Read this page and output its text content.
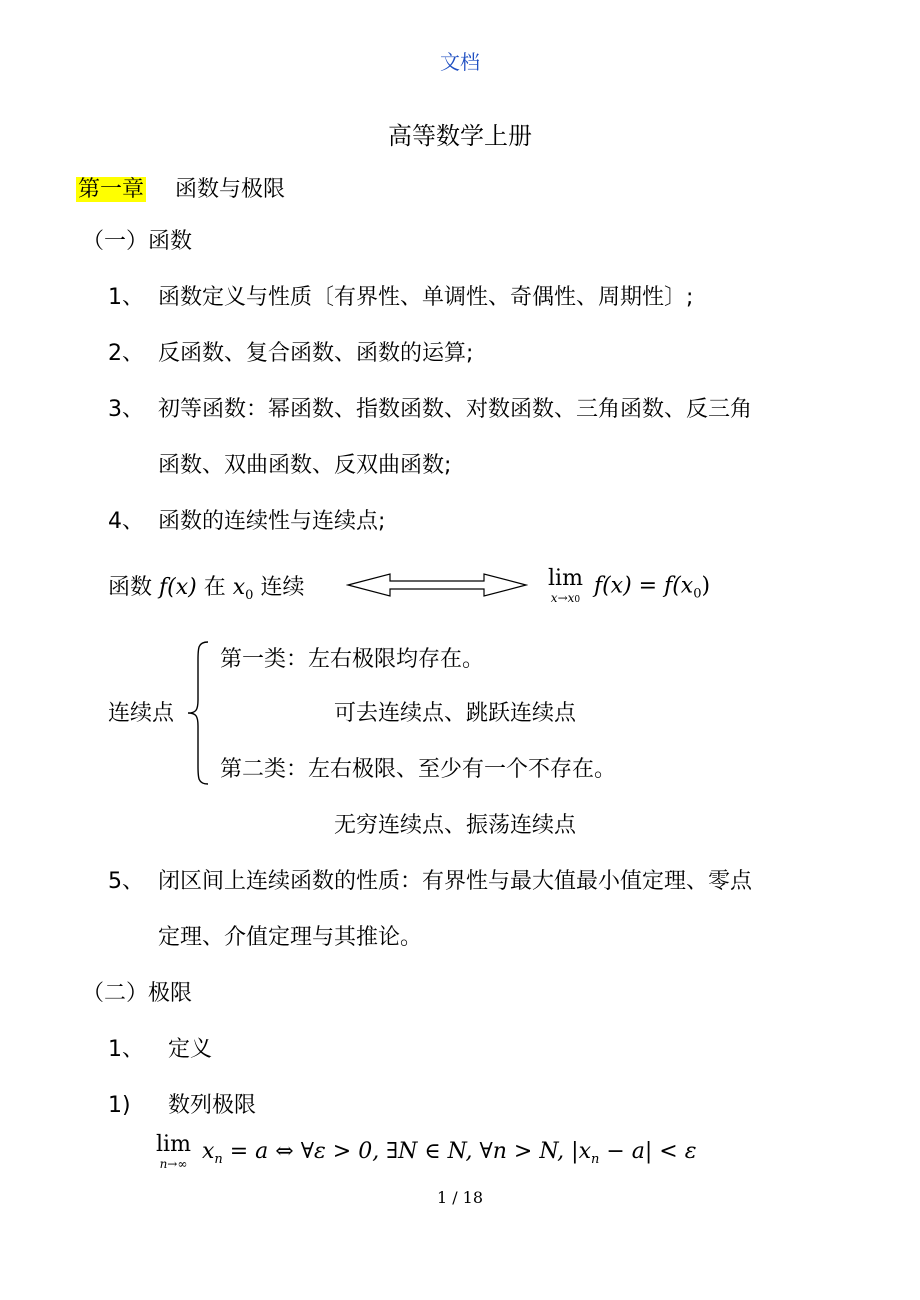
文档
高等数学上册
第一章 函数与极限
（一）函数
1、 函数定义与性质〔有界性、单调性、奇偶性、周期性〕;
2、 反函数、复合函数、函数的运算;
3、 初等函数：幂函数、指数函数、对数函数、三角函数、反三角
函数、双曲函数、反双曲函数;
4、 函数的连续性与连续点;
函数 f(x) 在 $x_0$ 连续	lim
x→x0
$f(x) = f(x_0)$
连续点
第一类：左右极限均存在。
可去连续点、跳跃连续点
第二类：左右极限、至少有一个不存在。
无穷连续点、振荡连续点
5、 闭区间上连续函数的性质：有界性与最大值最小值定理、零点
定理、介值定理与其推论。
（二）极限
1、 定义
1) 数列极限
lim
n→∞ $x_n = a$ ⇔ ∀ε > 0, ∃N ∈ N, ∀n > N, $|x_n - a| < \varepsilon$
1 / 18
